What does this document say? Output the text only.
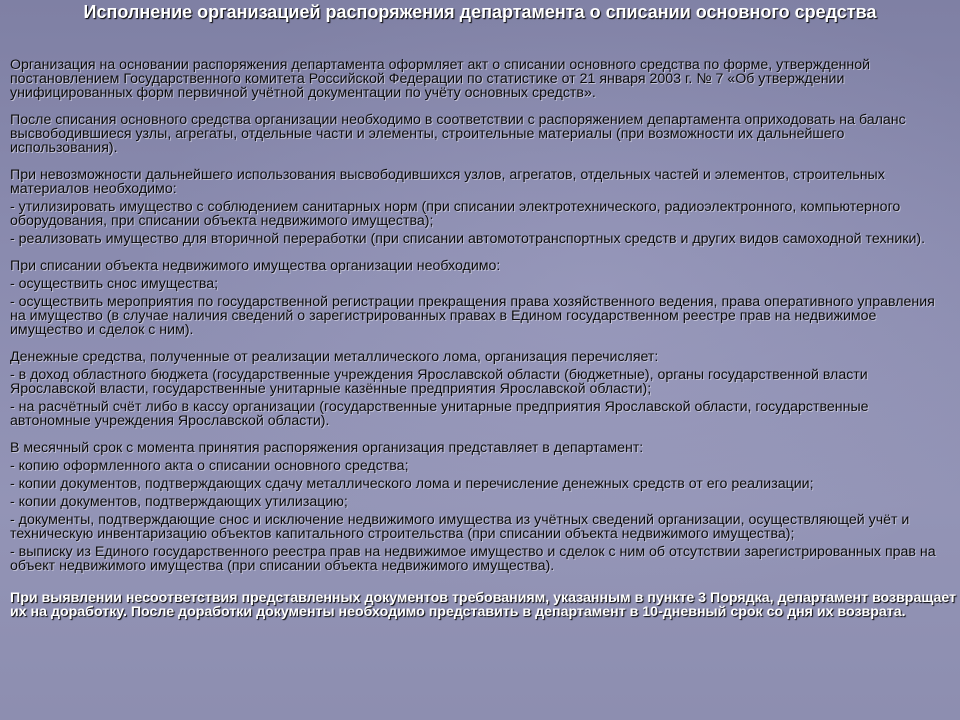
Исполнение организацией распоряжения департамента о списании основного средства

Организация на основании распоряжения департамента оформляет акт о списании основного средства по форме, утвержденной постановлением Государственного комитета Российской Федерации по статистике от 21 января 2003 г. № 7 «Об утверждении унифицированных форм первичной учётной документации по учёту основных средств».

После списания основного средства организации необходимо в соответствии с распоряжением департамента оприходовать на баланс высвободившиеся узлы, агрегаты, отдельные части и элементы, строительные материалы (при возможности их дальнейшего использования).

При невозможности дальнейшего использования высвободившихся узлов, агрегатов, отдельных частей и элементов, строительных материалов необходимо:

- утилизировать имущество с соблюдением санитарных норм (при списании электротехнического, радиоэлектронного, компьютерного оборудования, при списании объекта недвижимого имущества);

- реализовать имущество для вторичной переработки (при списании автомототранспортных средств и других видов самоходной техники).

При списании объекта недвижимого имущества организации необходимо:

- осуществить снос имущества;

- осуществить мероприятия по государственной регистрации прекращения права хозяйственного ведения, права оперативного управления на имущество (в случае наличия сведений о зарегистрированных правах в Едином государственном реестре прав на недвижимое имущество и сделок с ним).

Денежные средства, полученные от реализации металлического лома, организация перечисляет:

- в доход областного бюджета (государственные учреждения Ярославской области (бюджетные), органы государственной власти Ярославской власти, государственные унитарные казённые предприятия Ярославской области);

- на расчётный счёт либо в кассу организации (государственные унитарные предприятия Ярославской области, государственные автономные учреждения Ярославской области).

В месячный срок с момента принятия распоряжения организация представляет в департамент:

- копию оформленного акта о списании основного средства;

- копии документов, подтверждающих сдачу металлического лома и перечисление денежных средств от его реализации;

- копии документов, подтверждающих утилизацию;

- документы, подтверждающие снос и исключение недвижимого имущества из учётных сведений организации, осуществляющей учёт и техническую инвентаризацию объектов капитального строительства (при списании объекта недвижимого имущества);

- выписку из Единого государственного реестра прав на недвижимое имущество и сделок с ним об отсутствии зарегистрированных прав на объект недвижимого имущества (при списании объекта недвижимого имущества).

При выявлении несоответствия представленных документов требованиям, указанным в пункте 3 Порядка, департамент возвращает их на доработку. После доработки документы необходимо представить в департамент в 10-дневный срок со дня их возврата.
